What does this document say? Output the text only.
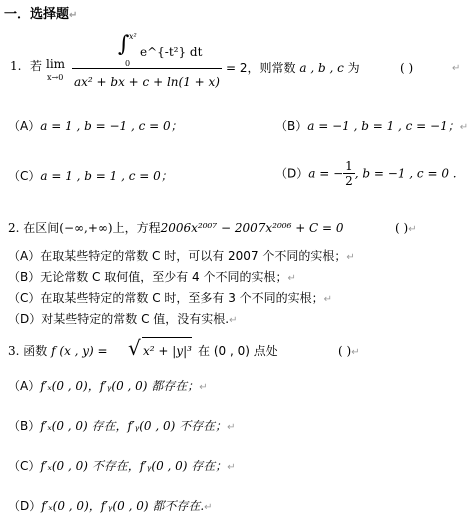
一．选择题↵
1. 若 lim
x→0
∫ x²
0
e^{-t²} dt
ax² + bx + c + ln(1 + x)
= 2，则常数 a , b , c 为	( )	↵
（A）a = 1 , b = −1 , c = 0；	（B）a = −1 , b = 1 , c = −1；↵
（C）a = 1 , b = 1 , c = 0；	（D）a = − $\frac{1}{2}$ , b = −1 , c = 0 .
2. 在区间(−∞,+∞)上，方程2006x²⁰⁰⁷ − 2007x²⁰⁰⁶ + C = 0	( )↵
（A）在取某些特定的常数 C 时，可以有 2007 个不同的实根；↵
（B）无论常数 C 取何值，至少有 4 个不同的实根；↵
（C）在取某些特定的常数 C 时，至多有 3 个不同的实根；↵
（D）对某些特定的常数 C 值，没有实根.↵
3. 函数 f (x , y) = √ x² + |y|³ 在 (0 , 0) 点处	( )↵
（A）f′ₓ(0 , 0)，f′ᵧ(0 , 0) 都存在；↵
（B）f′ₓ(0 , 0) 存在，f′ᵧ(0 , 0) 不存在；↵
（C）f′ₓ(0 , 0) 不存在，f′ᵧ(0 , 0) 存在；↵
（D）f′ₓ(0 , 0)，f′ᵧ(0 , 0) 都不存在.↵
